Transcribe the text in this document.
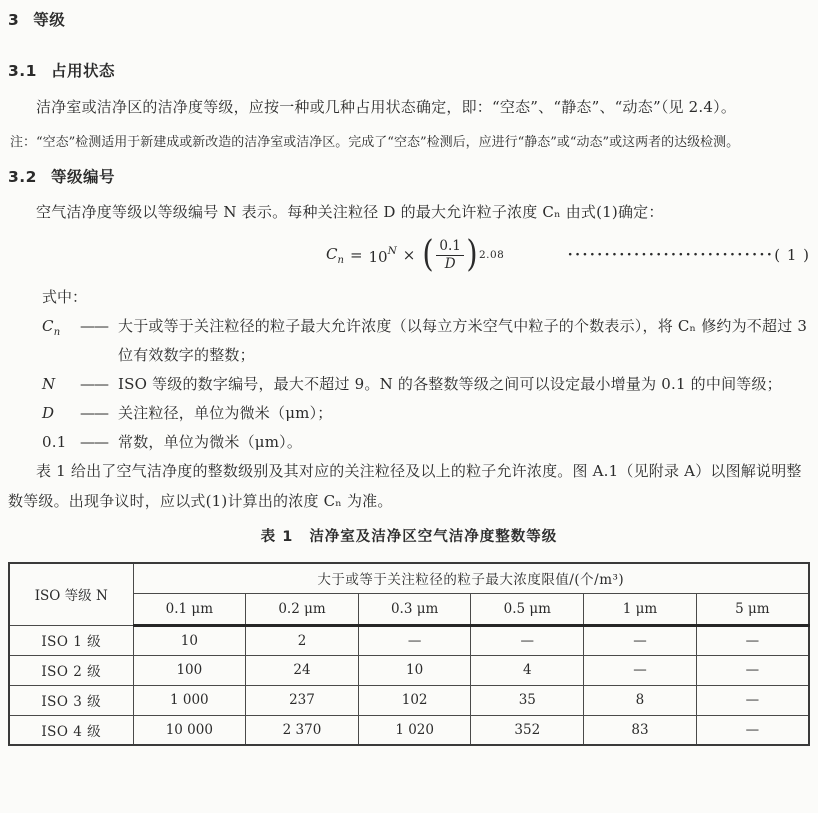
3 等级
3.1 占用状态

洁净室或洁净区的洁净度等级，应按一种或几种占用状态确定，即：“空态”、“静态”、“动态”（见 2.4）。

注：“空态”检测适用于新建成或新改造的洁净室或洁净区。完成了“空态”检测后，应进行“静态”或“动态”或这两者的达级检测。

3.2 等级编号

空气洁净度等级以等级编号 N 表示。每种关注粒径 D 的最大允许粒子浓度 Cₙ 由式(1)确定：

$C_n = 10^N$ × ( $\frac{0.1}{D}$ ) 2.08	···························· ( 1 )
式中：
$C_n$ —— 大于或等于关注粒径的粒子最大允许浓度（以每立方米空气中粒子的个数表示），将 Cₙ 修约为不超过 3 位有效数字的整数；
N —— ISO 等级的数字编号，最大不超过 9。N 的各整数等级之间可以设定最小增量为 0.1 的中间等级；
D —— 关注粒径，单位为微米（μm）；
0.1 —— 常数，单位为微米（μm）。

表 1 给出了空气洁净度的整数级别及其对应的关注粒径及以上的粒子允许浓度。图 A.1（见附录 A）以图解说明整数等级。出现争议时，应以式(1)计算出的浓度 Cₙ 为准。

表 1 洁净室及洁净区空气洁净度整数等级
ISO 等级 N	大于或等于关注粒径的粒子最大浓度限值/(个/m³)					
	0.1 μm	0.2 μm	0.3 μm	0.5 μm	1 μm	5 μm
ISO 1 级	10	2	—	—	—	—
ISO 2 级	100	24	10	4	—	—
ISO 3 级	1 000	237	102	35	8	—
ISO 4 级	10 000	2 370	1 020	352	83	—
